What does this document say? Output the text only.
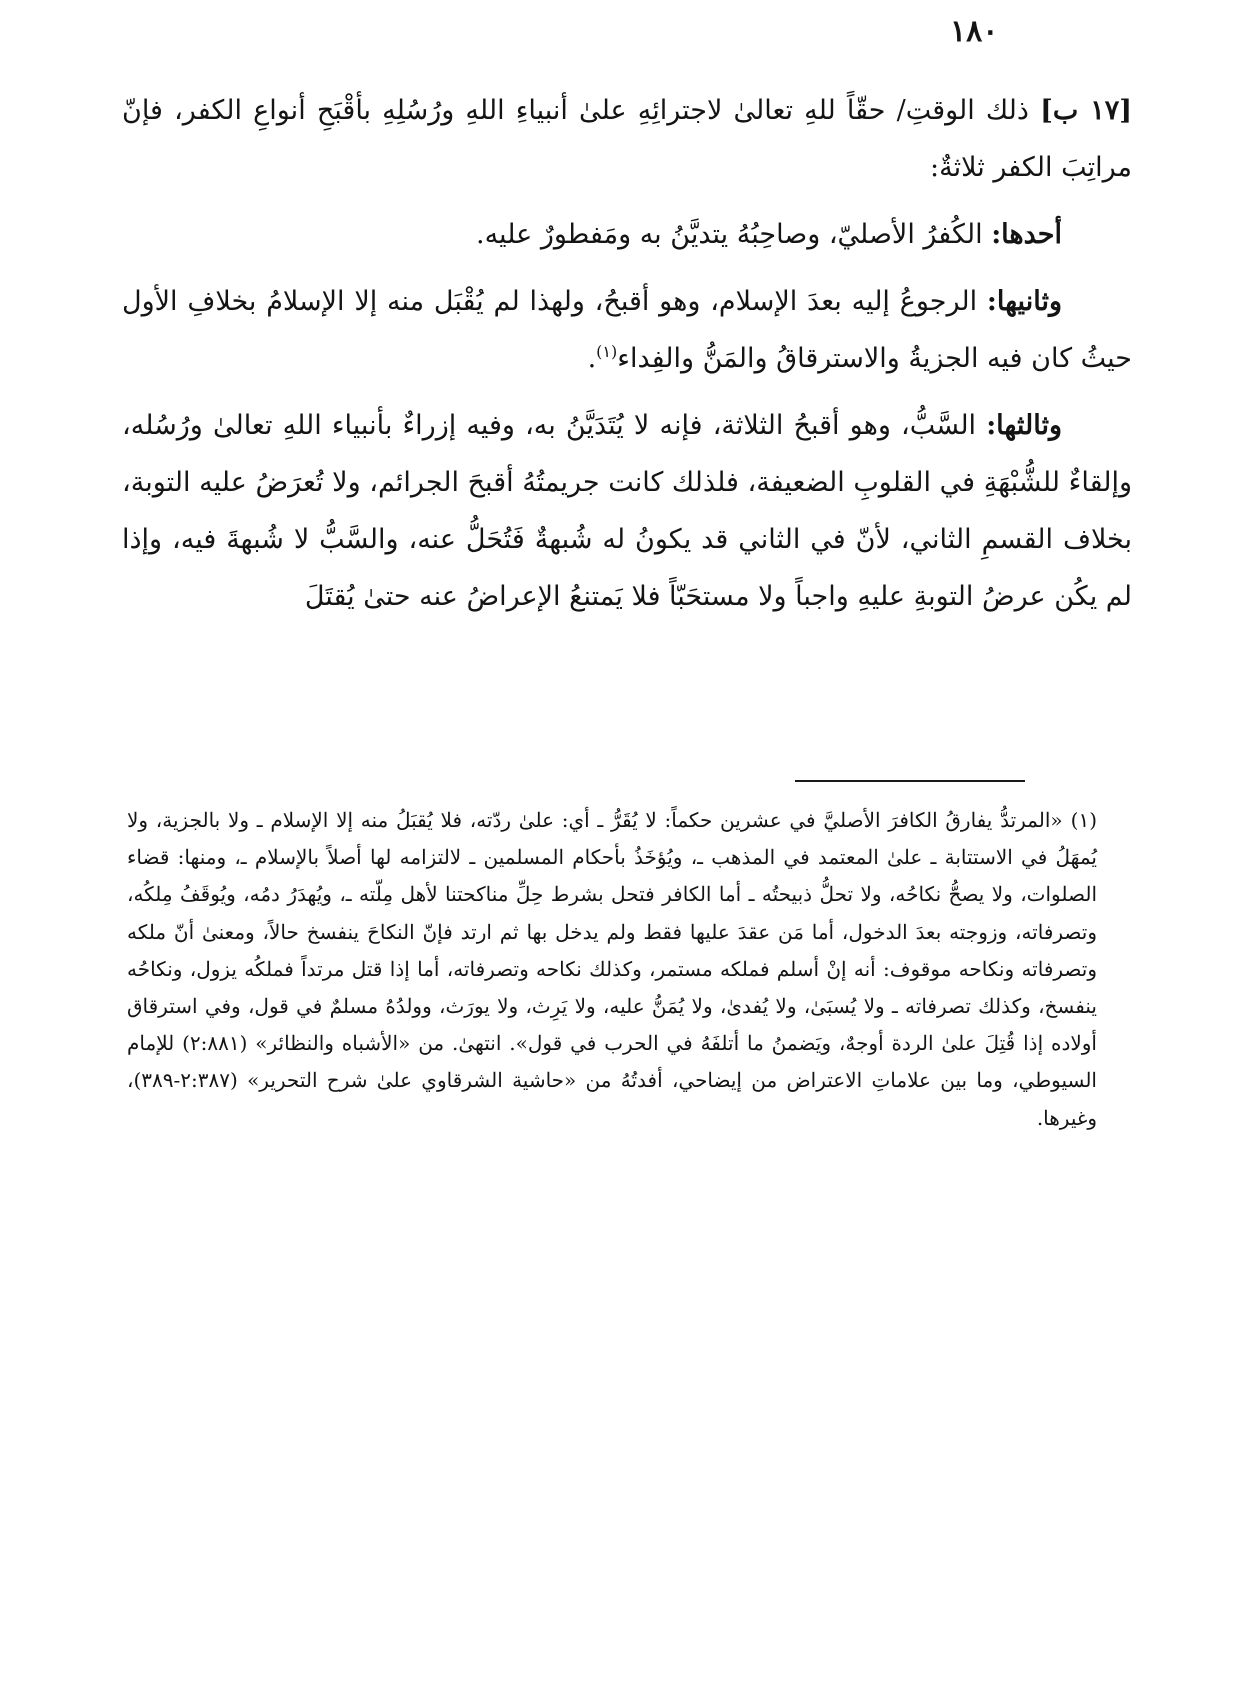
١٨٠

[١٧ ب] ذلك الوقتِ/ حقّاً للهِ تعالىٰ لاجترائِهِ علىٰ أنبياءِ اللهِ ورُسُلِهِ بأقْبَحِ أنواعِ الكفر، فإنّ مراتِبَ الكفر ثلاثةٌ:

أحدها: الكُفرُ الأصليّ، وصاحِبُهُ يتديَّنُ به ومَفطورٌ عليه.

وثانيها: الرجوعُ إليه بعدَ الإسلام، وهو أقبحُ، ولهذا لم يُقْبَل منه إلا الإسلامُ بخلافِ الأول حيثُ كان فيه الجزيةُ والاسترقاقُ والمَنُّ والفِداء$^{(١)}$.

وثالثها: السَّبُّ، وهو أقبحُ الثلاثة، فإنه لا يُتَدَيَّنُ به، وفيه إزراءٌ بأنبياء اللهِ تعالىٰ ورُسُله، وإلقاءٌ للشُّبْهَةِ في القلوبِ الضعيفة، فلذلك كانت جريمتُهُ أقبحَ الجرائم، ولا تُعرَضُ عليه التوبة، بخلاف القسمِ الثاني، لأنّ في الثاني قد يكونُ له شُبهةٌ فَتُحَلُّ عنه، والسَّبُّ لا شُبهةَ فيه، وإذا لم يكُن عرضُ التوبةِ عليهِ واجباً ولا مستحَبّاً فلا يَمتنعُ الإعراضُ عنه حتىٰ يُقتَلَ

(١)«المرتدُّ يفارقُ الكافرَ الأصليَّ في عشرين حكماً: لا يُقَرُّ ـ أي: علىٰ ردّته، فلا يُقبَلُ منه إلا الإسلام ـ ولا بالجزية، ولا يُمهَلُ في الاستتابة ـ علىٰ المعتمد في المذهب ـ، ويُؤخَذُ بأحكام المسلمين ـ لالتزامه لها أصلاً بالإسلام ـ، ومنها: قضاء الصلوات، ولا يصحُّ نكاحُه، ولا تحلُّ ذبيحتُه ـ أما الكافر فتحل بشرط حِلِّ مناكحتنا لأهل مِلّته ـ، ويُهدَرُ دمُه، ويُوقَفُ مِلكُه، وتصرفاته، وزوجته بعدَ الدخول، أما مَن عقدَ عليها فقط ولم يدخل بها ثم ارتد فإنّ النكاحَ ينفسخ حالاً، ومعنىٰ أنّ ملكه وتصرفاته ونكاحه موقوف: أنه إنْ أسلم فملكه مستمر، وكذلك نكاحه وتصرفاته، أما إذا قتل مرتداً فملكُه يزول، ونكاحُه ينفسخ، وكذلك تصرفاته ـ ولا يُسبَىٰ، ولا يُفدىٰ، ولا يُمَنُّ عليه، ولا يَرِث، ولا يورَث، وولدُهُ مسلمٌ في قول، وفي استرقاق أولاده إذا قُتِلَ علىٰ الردة أوجهٌ، ويَضمنُ ما أتلفَهُ في الحرب في قول». انتهىٰ. من «الأشباه والنظائر» (٢:٨٨١) للإمام السيوطي، وما بين علاماتِ الاعتراض من إيضاحي، أفدتُهُ من «حاشية الشرقاوي علىٰ شرح التحرير» (٢:٣٨٧-٣٨٩)، وغيرها.
